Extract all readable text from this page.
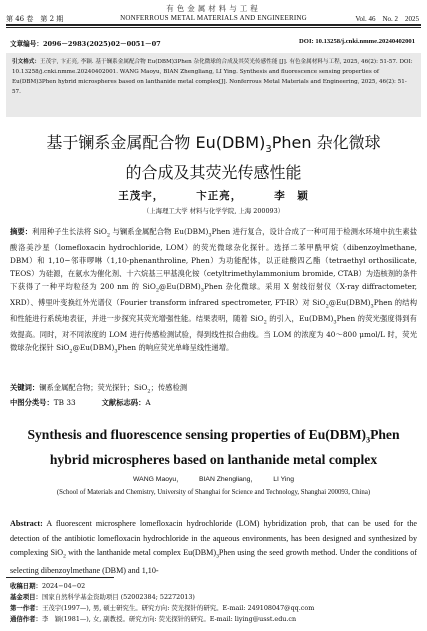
有色金属材料与工程
第 46 卷　第 2 期	NONFERROUS METAL MATERIALS AND ENGINEERING	Vol. 46　No. 2　2025
文章编号：2096－2983(2025)02－0051－07	DOI: 10.13258/j.cnki.nmme.20240402001
引文格式：王茂宇, 卞正亮, 李颖. 基于镧系金属配合物 Eu(DBM)3Phen 杂化微球的合成及其荧光传感性能 [J]. 有色金属材料与工程, 2025, 46(2): 51-57. DOI: 10.13258/j.cnki.nmme.20240402001. WANG Maoyu, BIAN Zhengliang, LI Ying. Synthesis and fluorescence sensing properties of Eu(DBM)3Phen hybrid microspheres based on lanthanide metal complex[J]. Nonferrous Metal Materials and Engineering, 2025, 46(2): 51-57.
基于镧系金属配合物 $Eu(DBM)_3Phen$ 杂化微球
的合成及其荧光传感性能
王茂宇，	卞正亮，	李　颖
（上海理工大学 材料与化学学院, 上海 200093）
摘要：利用种子生长法将 SiO$_2$ 与镧系金属配合物 $Eu(DBM)_3Phen$ 进行复合，设计合成了一种可用于检测水环境中抗生素盐酸洛美沙星（lomefloxacin hydrochloride, LOM）的荧光微球杂化探针。选择二苯甲酰甲烷（dibenzoylmethane, DBM）和 1,10−邻菲啰啉（1,10-phenanthroline, Phen）为功能配体，以正硅酸四乙酯（tetraethyl orthosilicate, TEOS）为硅源，在氨水为催化剂、十六烷基三甲基溴化铵（cetyltrimethylammonium bromide, CTAB）为造核剂的条件下获得了一种平均粒径为 200 nm 的 $SiO_2@Eu(DBM)_3Phen$ 杂化微球。采用 X 射线衍射仪（X-ray diffractometer, XRD）、傅里叶变换红外光谱仪（Fourier transform infrared spectrometer, FT-IR）对 $SiO_2@Eu(DBM)_3Phen$ 的结构和性能进行系统地表征，并进一步探究其荧光增强性能。结果表明，随着 SiO$_2$ 的引入，$Eu(DBM)_3Phen$ 的荧光强度得到有效提高。同时，对不同浓度的 LOM 进行传感检测试验，得到线性拟合曲线。当 LOM 的浓度为 40～800 μmol/L 时，荧光微球杂化探针 $SiO_2@Eu(DBM)_3Phen$ 的响应荧光单峰呈线性递增。
关键词：镧系金属配合物；荧光探针；SiO$_2$；传感检测
中图分类号：TB 33	文献标志码：A
Synthesis and fluorescence sensing properties of $Eu(DBM)_3Phen$
hybrid microspheres based on lanthanide metal complex
WANG Maoyu， BIAN Zhengliang， LI Ying
(School of Materials and Chemistry, University of Shanghai for Science and Technology, Shanghai 200093, China)
Abstract: A fluorescent microsphere lomefloxacin hydrochloride (LOM) hybridization prob, that can be used for the detection of the antibiotic lomefloxacin hydrochloride in the aqueous environments, has been designed and synthesized by complexing SiO$_2$ with the lanthanide metal complex $Eu(DBM)_3Phen$ using the seed growth method. Under the conditions of selecting dibenzoylmethane (DBM) and 1,10-
收稿日期：2024−04−02
基金项目：国家自然科学基金资助项目 (52002384; 52272013)
第一作者：王茂宇(1997—), 男, 硕士研究生。研究方向: 荧光探针的研究。E-mail: 249108047@qq.com
通信作者：李　颖(1981—), 女, 副教授。研究方向: 荧光探针的研究。E-mail: liying@usst.edu.cn
